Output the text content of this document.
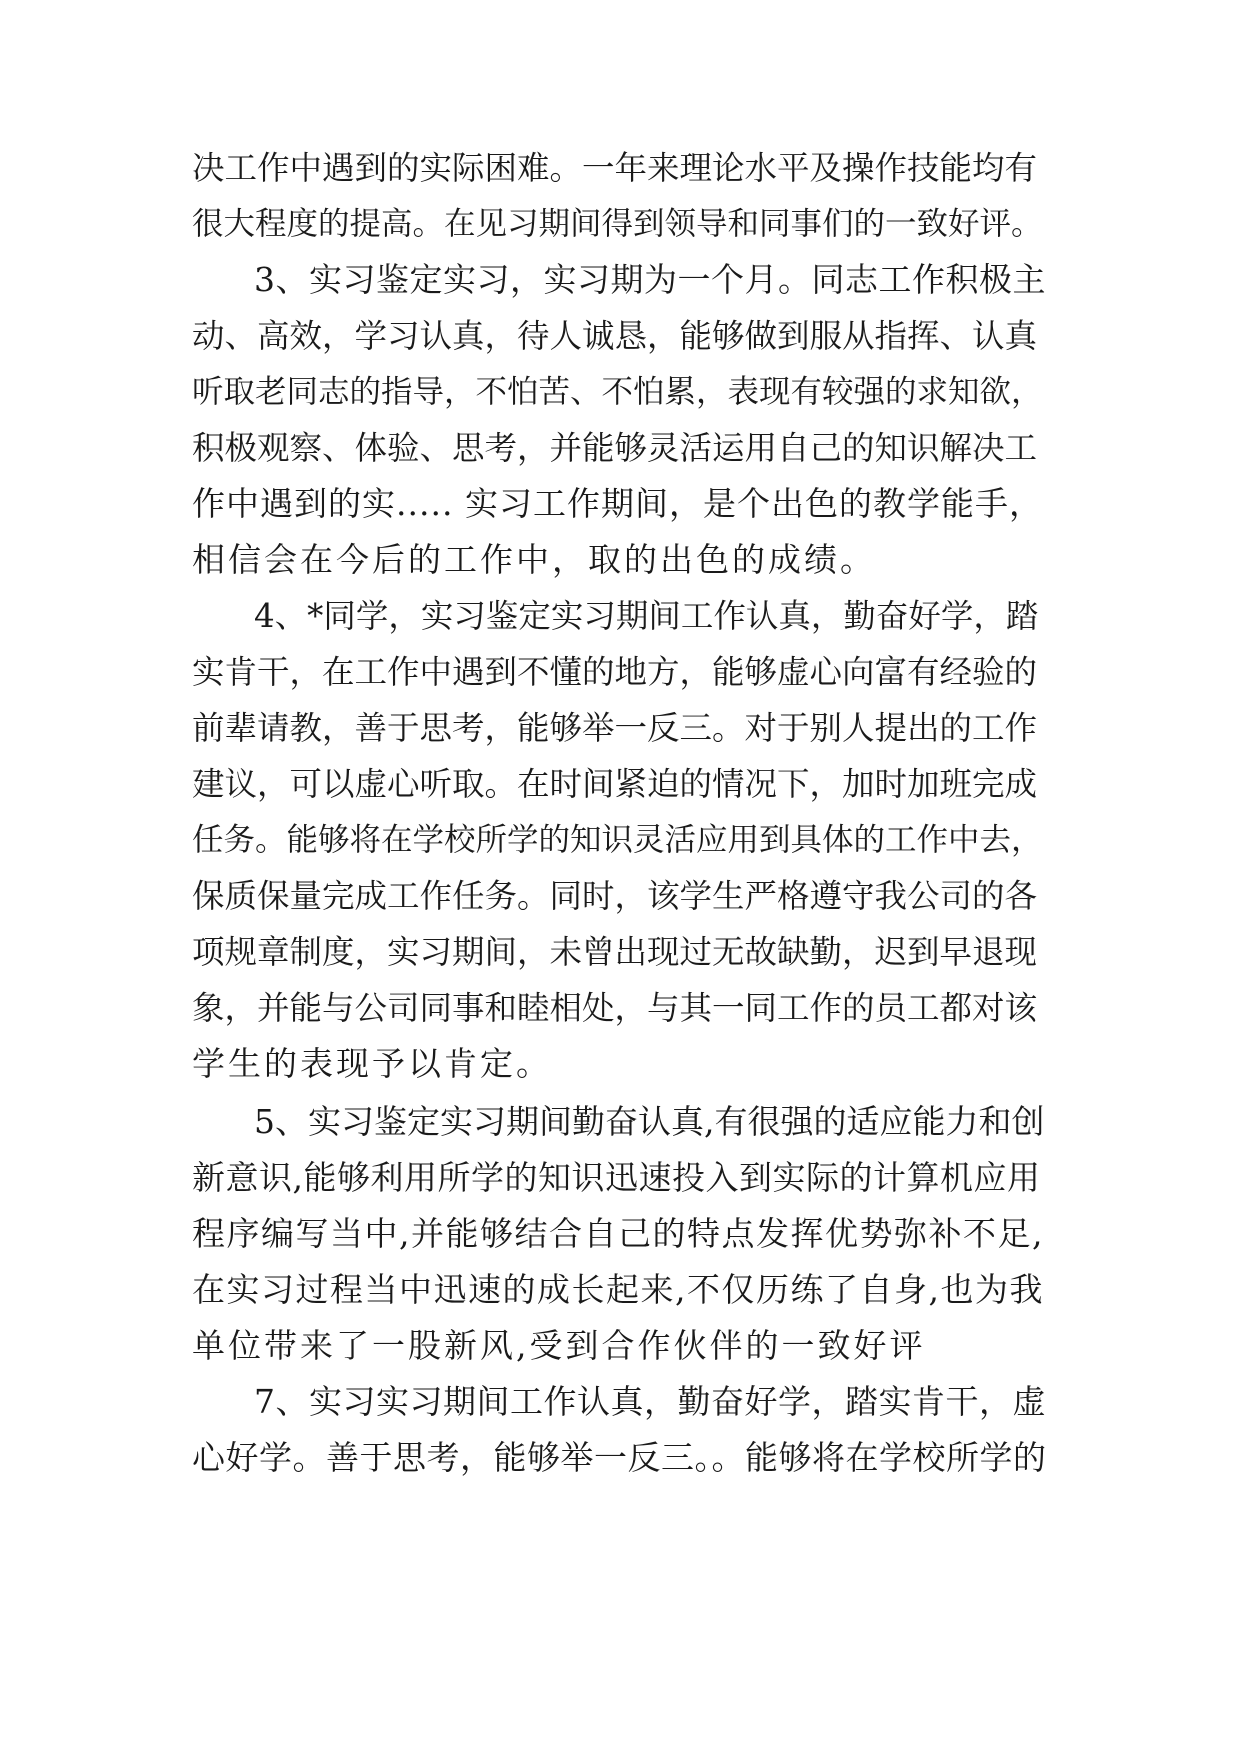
决工作中遇到的实际困难。一年来理论水平及操作技能均有
很大程度的提高。在见习期间得到领导和同事们的一致好评。
3、实习鉴定实习，实习期为一个月。同志工作积极主
动、高效，学习认真，待人诚恳，能够做到服从指挥、认真
听取老同志的指导，不怕苦、不怕累，表现有较强的求知欲，
积极观察、体验、思考，并能够灵活运用自己的知识解决工
作中遇到的实..... 实习工作期间，是个出色的教学能手，
相信会在今后的工作中，取的出色的成绩。
4、*同学，实习鉴定实习期间工作认真，勤奋好学，踏
实肯干，在工作中遇到不懂的地方，能够虚心向富有经验的
前辈请教，善于思考，能够举一反三。对于别人提出的工作
建议，可以虚心听取。在时间紧迫的情况下，加时加班完成
任务。能够将在学校所学的知识灵活应用到具体的工作中去，
保质保量完成工作任务。同时，该学生严格遵守我公司的各
项规章制度，实习期间，未曾出现过无故缺勤，迟到早退现
象，并能与公司同事和睦相处，与其一同工作的员工都对该
学生的表现予以肯定。
5、实习鉴定实习期间勤奋认真,有很强的适应能力和创
新意识,能够利用所学的知识迅速投入到实际的计算机应用
程序编写当中,并能够结合自己的特点发挥优势弥补不足,
在实习过程当中迅速的成长起来,不仅历练了自身,也为我
单位带来了一股新风,受到合作伙伴的一致好评
7、实习实习期间工作认真，勤奋好学，踏实肯干，虚
心好学。善于思考，能够举一反三。。能够将在学校所学的
